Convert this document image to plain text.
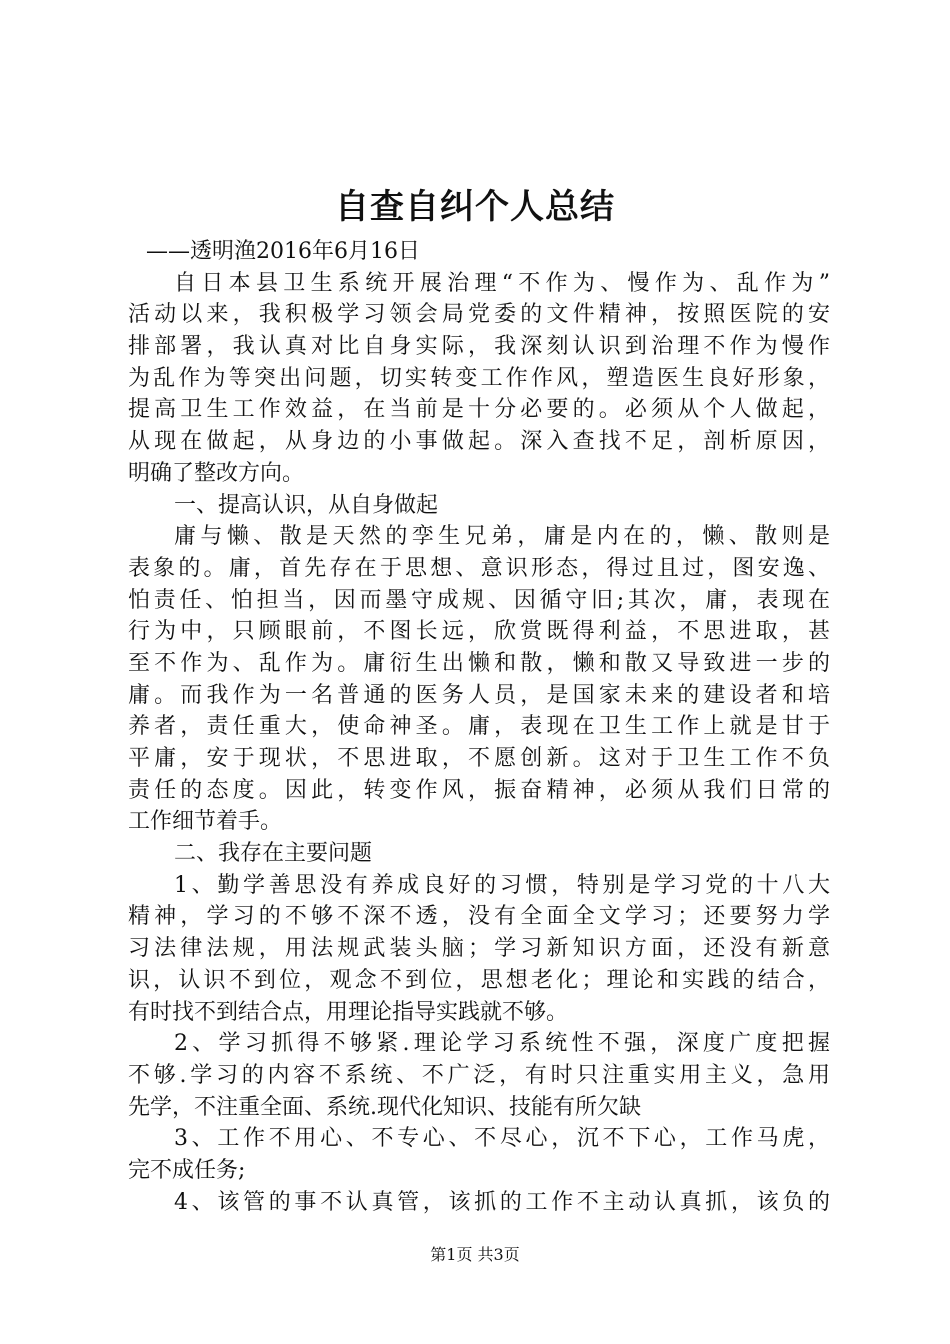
自查自纠个人总结
——透明渔2016年6月16日
自日本县卫生系统开展治理“不作为、慢作为、乱作为”
活动以来，我积极学习领会局党委的文件精神，按照医院的安
排部署，我认真对比自身实际，我深刻认识到治理不作为慢作
为乱作为等突出问题，切实转变工作作风，塑造医生良好形象，
提高卫生工作效益，在当前是十分必要的。必须从个人做起，
从现在做起，从身边的小事做起。深入查找不足，剖析原因，
明确了整改方向。
一、提高认识，从自身做起
庸与懒、散是天然的孪生兄弟，庸是内在的，懒、散则是
表象的。庸，首先存在于思想、意识形态，得过且过，图安逸、
怕责任、怕担当，因而墨守成规、因循守旧;其次，庸，表现在
行为中，只顾眼前，不图长远，欣赏既得利益，不思进取，甚
至不作为、乱作为。庸衍生出懒和散，懒和散又导致进一步的
庸。而我作为一名普通的医务人员，是国家未来的建设者和培
养者，责任重大，使命神圣。庸，表现在卫生工作上就是甘于
平庸，安于现状，不思进取，不愿创新。这对于卫生工作不负
责任的态度。因此，转变作风，振奋精神，必须从我们日常的
工作细节着手。
二、我存在主要问题
1、勤学善思没有养成良好的习惯，特别是学习党的十八大
精神，学习的不够不深不透，没有全面全文学习；还要努力学
习法律法规，用法规武装头脑；学习新知识方面，还没有新意
识，认识不到位，观念不到位，思想老化；理论和实践的结合，
有时找不到结合点，用理论指导实践就不够。
2、学习抓得不够紧.理论学习系统性不强，深度广度把握
不够.学习的内容不系统、不广泛，有时只注重实用主义，急用
先学，不注重全面、系统.现代化知识、技能有所欠缺
3、工作不用心、不专心、不尽心，沉不下心，工作马虎，
完不成任务;
4、该管的事不认真管，该抓的工作不主动认真抓，该负的
第1页 共3页
